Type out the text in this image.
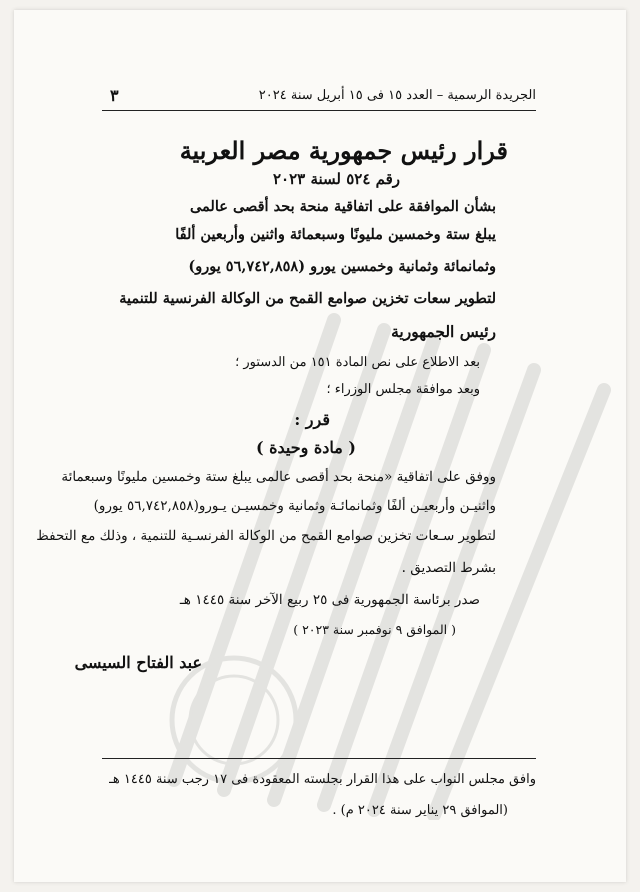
٣	الجريدة الرسمية – العدد ١٥ فى ١٥ أبريل سنة ٢٠٢٤
قرار رئيس جمهورية مصر العربية
رقم ٥٢٤ لسنة ٢٠٢٣
بشأن الموافقة على اتفاقية منحة بحد أقصى عالمى
يبلغ ستة وخمسين مليونًا وسبعمائة واثنين وأربعين ألفًا
وثمانمائة وثمانية وخمسين يورو (٥٦,٧٤٢,٨٥٨ يورو)
لتطوير سعات تخزين صوامع القمح من الوكالة الفرنسية للتنمية
رئيس الجمهورية
بعد الاطلاع على نص المادة ١٥١ من الدستور ؛
وبعد موافقة مجلس الوزراء ؛
قرر :
( مادة وحيدة )
ووفق على اتفاقية «منحة بحد أقصى عالمى يبلغ ستة وخمسين مليونًا وسبعمائة
واثنيـن وأربعيـن ألفًا وثمانمائـة وثمانية وخمسيـن يـورو(٥٦,٧٤٢,٨٥٨ يورو)
لتطوير سـعات تخزين صوامع القمح من الوكالة الفرنسـية للتنمية ، وذلك مع التحفظ
بشرط التصديق .
صدر برئاسة الجمهورية فى ٢٥ ربيع الآخر سنة ١٤٤٥ هـ
( الموافق ٩ نوفمبر سنة ٢٠٢٣ )
عبد الفتاح السيسى
وافق مجلس النواب على هذا القرار بجلسته المعقودة فى ١٧ رجب سنة ١٤٤٥ هـ
(الموافق ٢٩ يناير سنة ٢٠٢٤ م) .
